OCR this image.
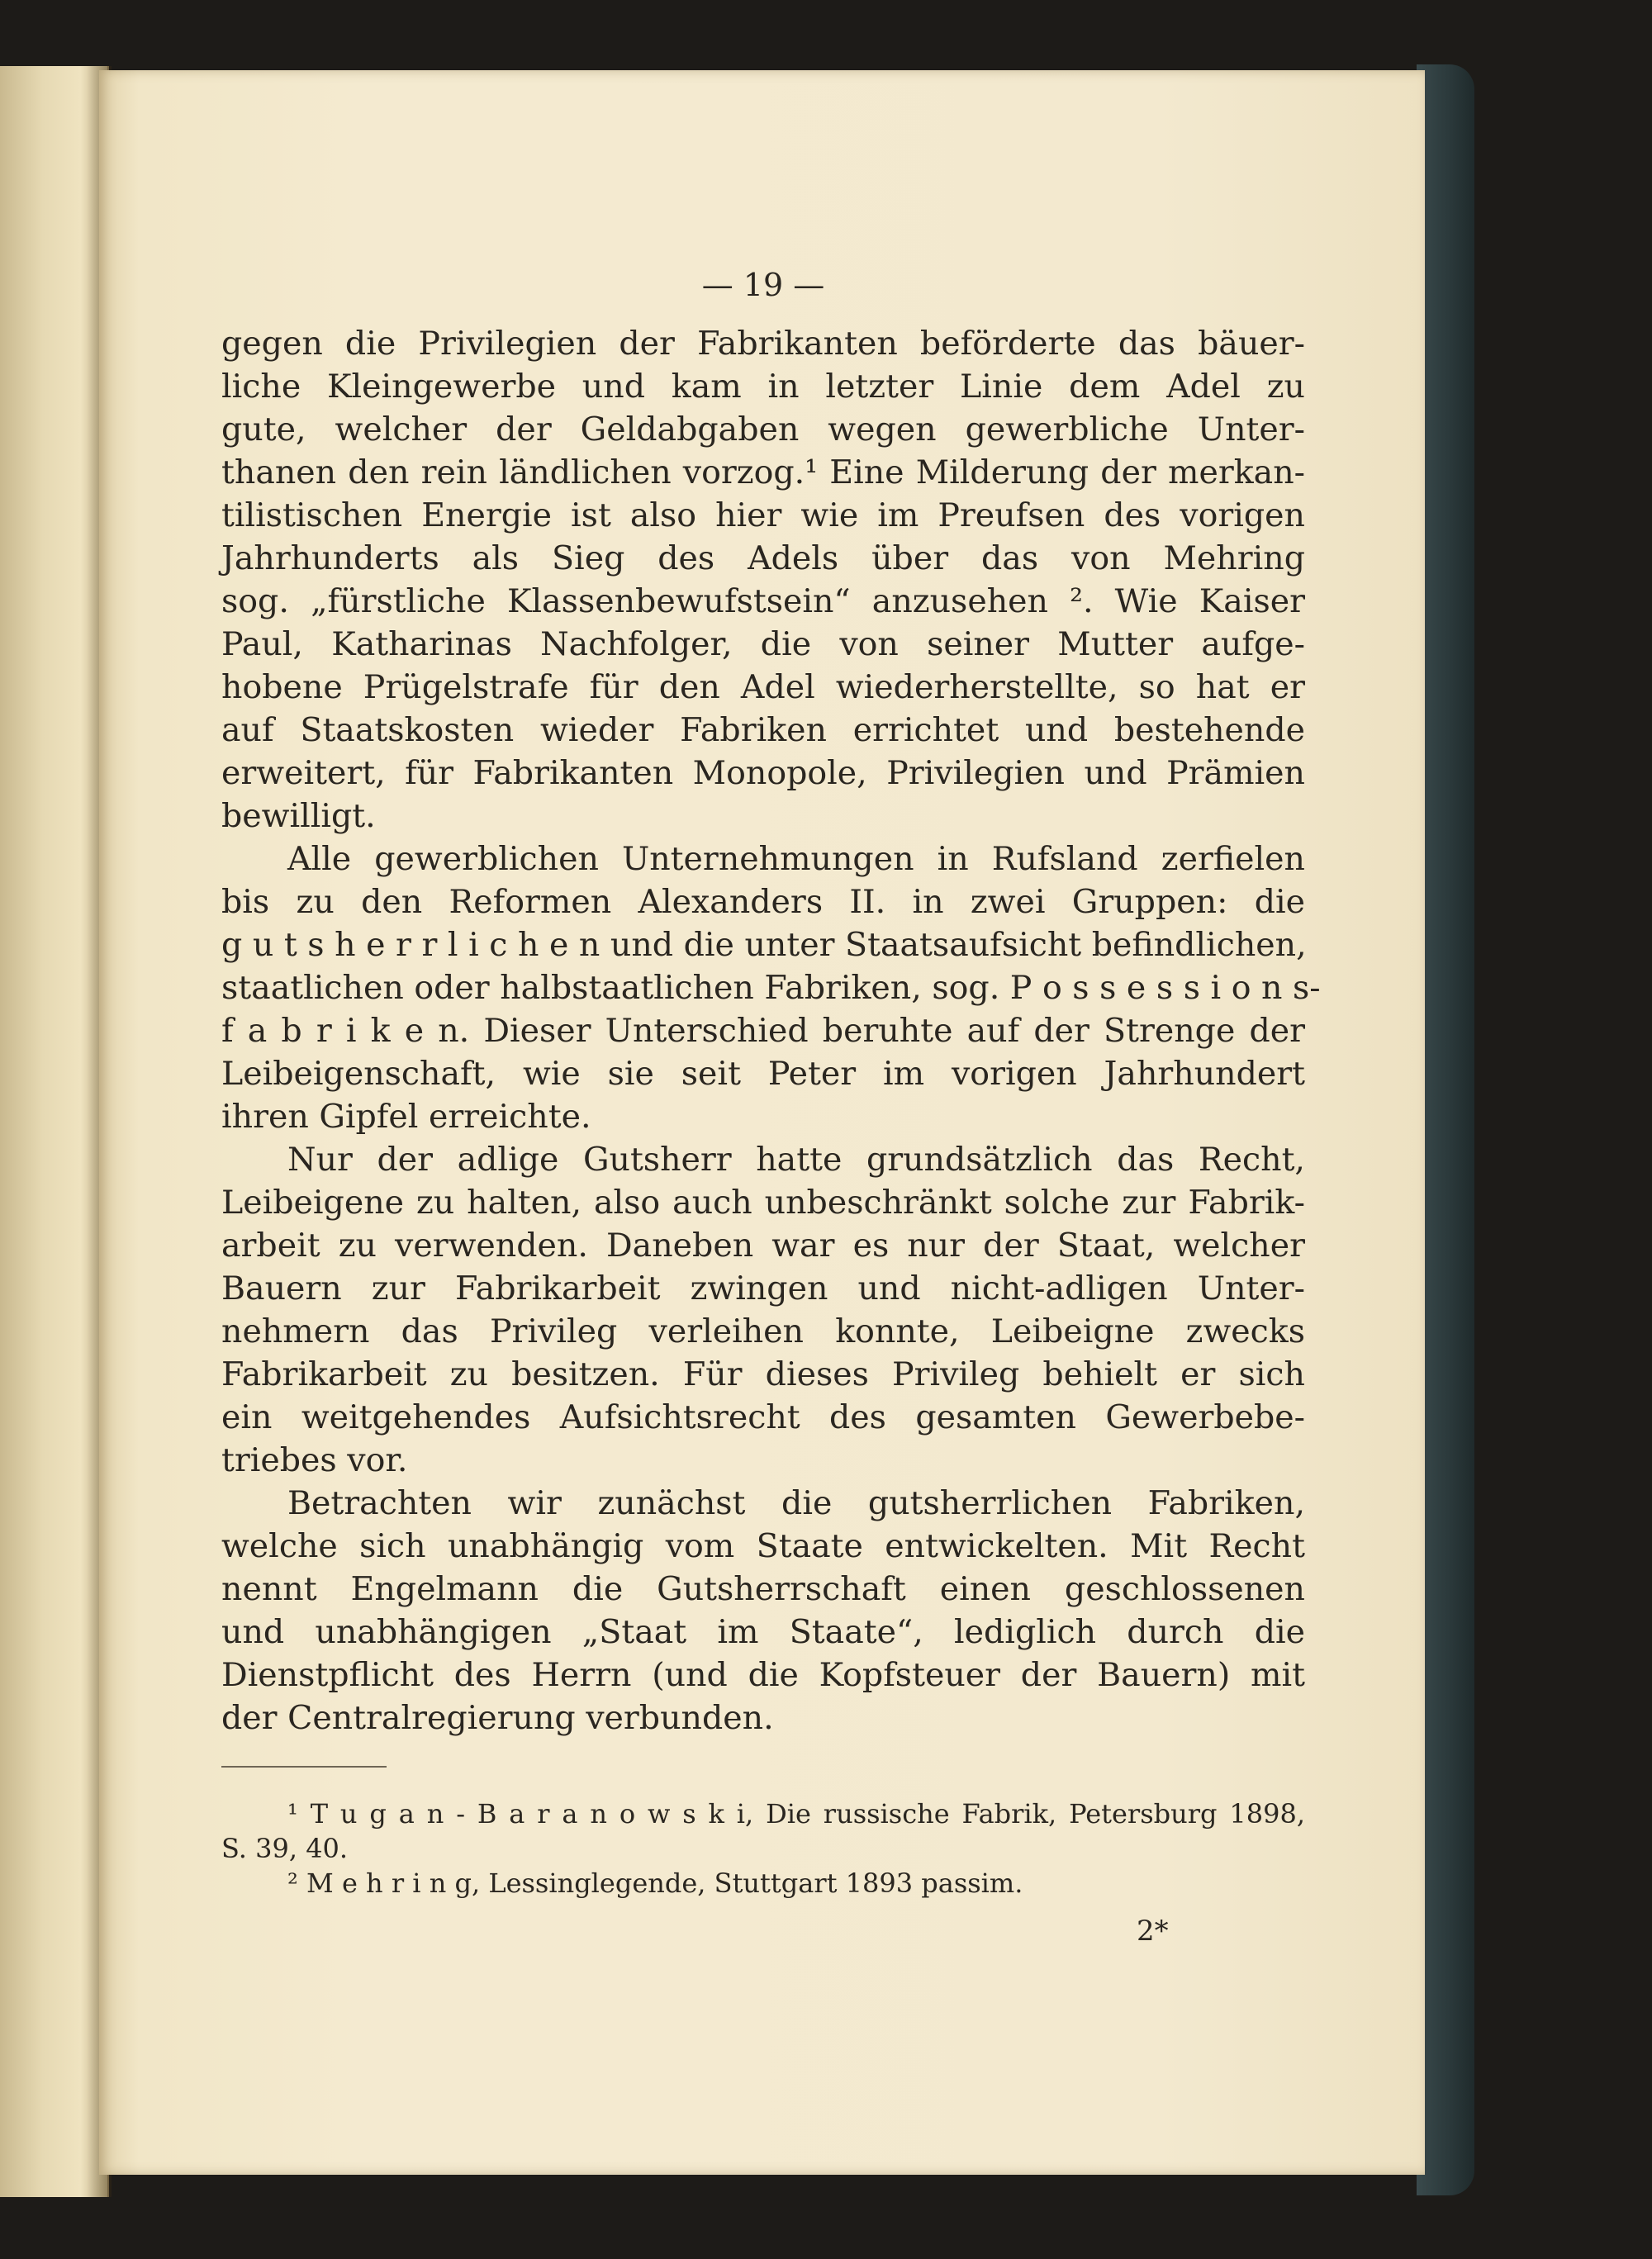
— 19 —
gegen die Privilegien der Fabrikanten beförderte das bäuer-
liche Kleingewerbe und kam in letzter Linie dem Adel zu
gute, welcher der Geldabgaben wegen gewerbliche Unter-
thanen den rein ländlichen vorzog.¹ Eine Milderung der merkan-
tilistischen Energie ist also hier wie im Preufsen des vorigen
Jahrhunderts als Sieg des Adels über das von Mehring
sog. „fürstliche Klassenbewufstsein“ anzusehen ². Wie Kaiser
Paul, Katharinas Nachfolger, die von seiner Mutter aufge-
hobene Prügelstrafe für den Adel wiederherstellte, so hat er
auf Staatskosten wieder Fabriken errichtet und bestehende
erweitert, für Fabrikanten Monopole, Privilegien und Prämien
bewilligt.
Alle gewerblichen Unternehmungen in Rufsland zerfielen
bis zu den Reformen Alexanders II. in zwei Gruppen: die
g u t s h e r r l i c h e n und die unter Staatsaufsicht befindlichen,
staatlichen oder halbstaatlichen Fabriken, sog. P o s s e s s i o n s-
f a b r i k e n. Dieser Unterschied beruhte auf der Strenge der
Leibeigenschaft, wie sie seit Peter im vorigen Jahrhundert
ihren Gipfel erreichte.
Nur der adlige Gutsherr hatte grundsätzlich das Recht,
Leibeigene zu halten, also auch unbeschränkt solche zur Fabrik-
arbeit zu verwenden. Daneben war es nur der Staat, welcher
Bauern zur Fabrikarbeit zwingen und nicht-adligen Unter-
nehmern das Privileg verleihen konnte, Leibeigne zwecks
Fabrikarbeit zu besitzen. Für dieses Privileg behielt er sich
ein weitgehendes Aufsichtsrecht des gesamten Gewerbebe-
triebes vor.
Betrachten wir zunächst die gutsherrlichen Fabriken,
welche sich unabhängig vom Staate entwickelten. Mit Recht
nennt Engelmann die Gutsherrschaft einen geschlossenen
und unabhängigen „Staat im Staate“, lediglich durch die
Dienstpflicht des Herrn (und die Kopfsteuer der Bauern) mit
der Centralregierung verbunden.
¹ T u g a n - B a r a n o w s k i, Die russische Fabrik, Petersburg 1898,
S. 39, 40.
² M e h r i n g, Lessinglegende, Stuttgart 1893 passim.
2*
